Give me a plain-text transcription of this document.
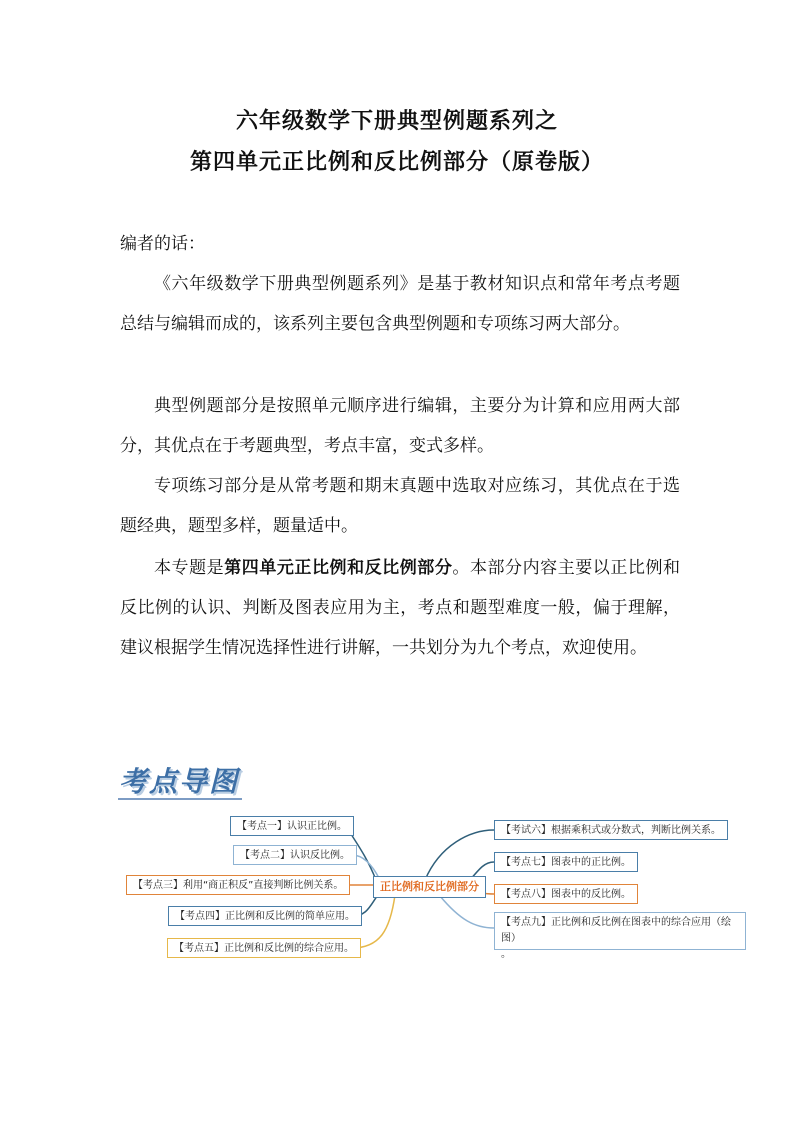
六年级数学下册典型例题系列之
第四单元正比例和反比例部分（原卷版）

编者的话：

《六年级数学下册典型例题系列》是基于教材知识点和常年考点考题总结与编辑而成的，该系列主要包含典型例题和专项练习两大部分。

典型例题部分是按照单元顺序进行编辑，主要分为计算和应用两大部分，其优点在于考题典型，考点丰富，变式多样。

专项练习部分是从常考题和期末真题中选取对应练习，其优点在于选题经典，题型多样，题量适中。

本专题是第四单元正比例和反比例部分。本部分内容主要以正比例和反比例的认识、判断及图表应用为主，考点和题型难度一般，偏于理解，建议根据学生情况选择性进行讲解，一共划分为九个考点，欢迎使用。

考点导图
【考点一】认识正比例。
【考点二】认识反比例。
【考点三】利用“商正积反”直接判断比例关系。
【考点四】正比例和反比例的简单应用。
【考点五】正比例和反比例的综合应用。
正比例和反比例部分
【考试六】根据乘积式或分数式，判断比例关系。
【考点七】图表中的正比例。
【考点八】图表中的反比例。
【考点九】正比例和反比例在图表中的综合应用（绘图）
。
